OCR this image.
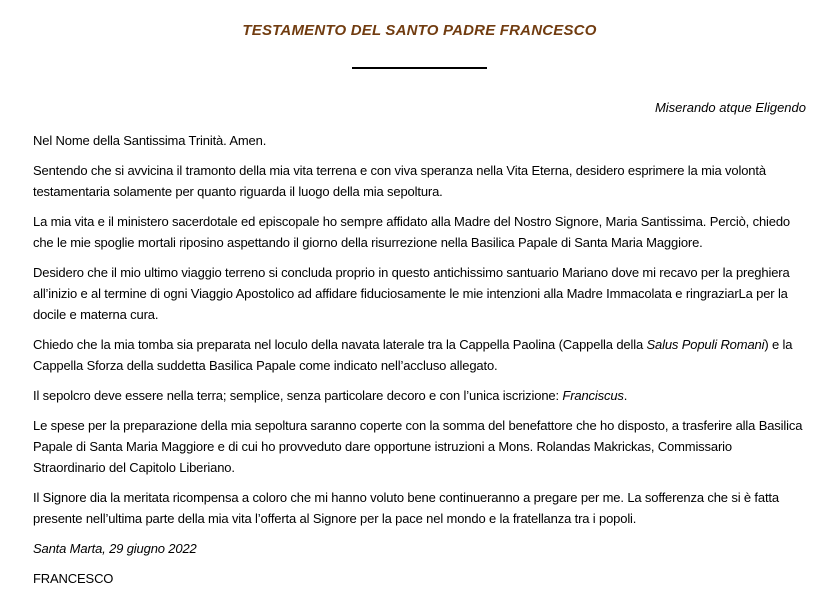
TESTAMENTO DEL SANTO PADRE FRANCESCO
Miserando atque Eligendo

Nel Nome della Santissima Trinità. Amen.

Sentendo che si avvicina il tramonto della mia vita terrena e con viva speranza nella Vita Eterna, desidero esprimere la mia volontà testamentaria solamente per quanto riguarda il luogo della mia sepoltura.

La mia vita e il ministero sacerdotale ed episcopale ho sempre affidato alla Madre del Nostro Signore, Maria Santissima. Perciò, chiedo che le mie spoglie mortali riposino aspettando il giorno della risurrezione nella Basilica Papale di Santa Maria Maggiore.

Desidero che il mio ultimo viaggio terreno si concluda proprio in questo antichissimo santuario Mariano dove mi recavo per la preghiera all’inizio e al termine di ogni Viaggio Apostolico ad affidare fiduciosamente le mie intenzioni alla Madre Immacolata e ringraziarLa per la docile e materna cura.

Chiedo che la mia tomba sia preparata nel loculo della navata laterale tra la Cappella Paolina (Cappella della Salus Populi Romani) e la Cappella Sforza della suddetta Basilica Papale come indicato nell’accluso allegato.

Il sepolcro deve essere nella terra; semplice, senza particolare decoro e con l’unica iscrizione: Franciscus.

Le spese per la preparazione della mia sepoltura saranno coperte con la somma del benefattore che ho disposto, a trasferire alla Basilica Papale di Santa Maria Maggiore e di cui ho provveduto dare opportune istruzioni a Mons. Rolandas Makrickas, Commissario Straordinario del Capitolo Liberiano.

Il Signore dia la meritata ricompensa a coloro che mi hanno voluto bene continueranno a pregare per me. La sofferenza che si è fatta presente nell’ultima parte della mia vita l’offerta al Signore per la pace nel mondo e la fratellanza tra i popoli.

Santa Marta, 29 giugno 2022

FRANCESCO
